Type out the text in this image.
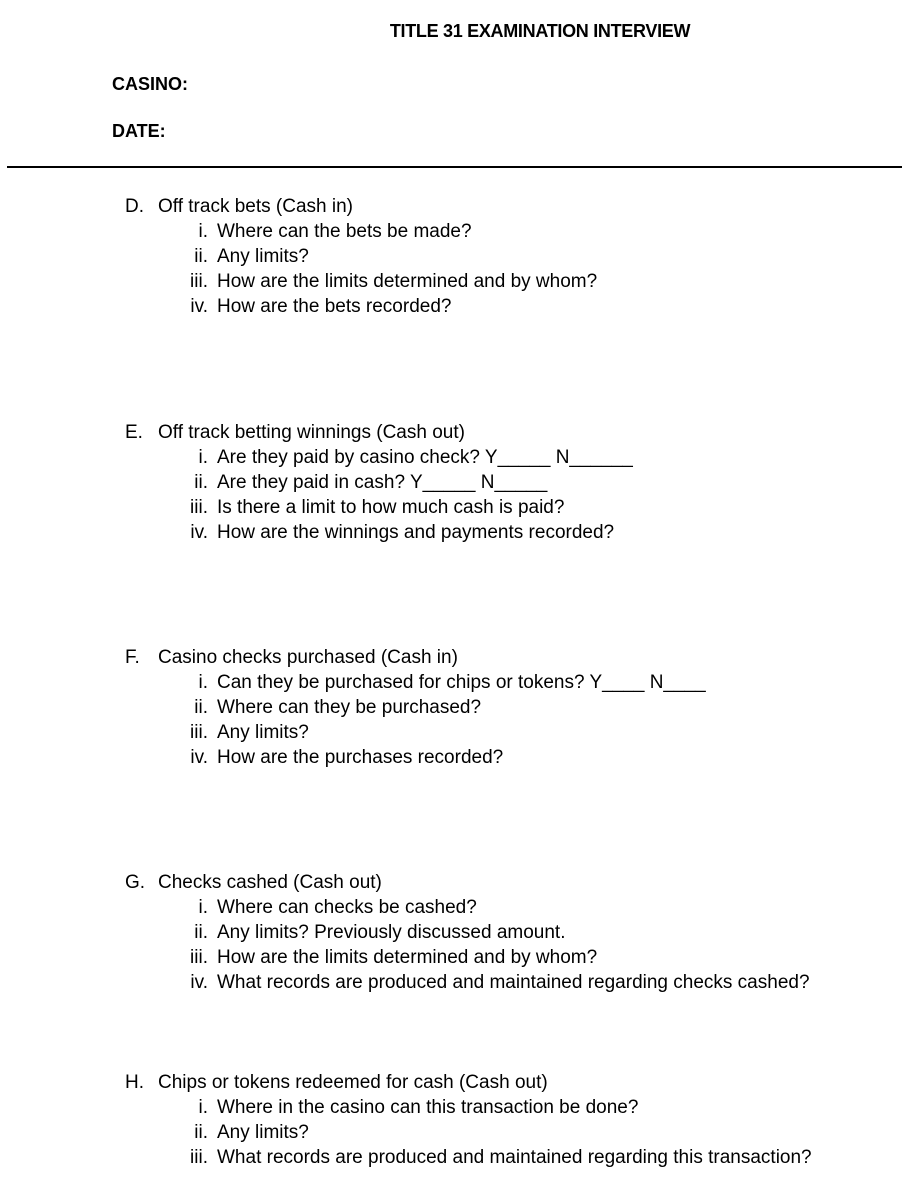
TITLE 31 EXAMINATION INTERVIEW
CASINO:
DATE:
D. Off track bets (Cash in)
i. Where can the bets be made?
ii. Any limits?
iii. How are the limits determined and by whom?
iv. How are the bets recorded?
E. Off track betting winnings (Cash out)
i. Are they paid by casino check? Y_____ N______
ii. Are they paid in cash? Y_____ N_____
iii. Is there a limit to how much cash is paid?
iv. How are the winnings and payments recorded?
F. Casino checks purchased (Cash in)
i. Can they be purchased for chips or tokens? Y____ N____
ii. Where can they be purchased?
iii. Any limits?
iv. How are the purchases recorded?
G. Checks cashed (Cash out)
i. Where can checks be cashed?
ii. Any limits? Previously discussed amount.
iii. How are the limits determined and by whom?
iv. What records are produced and maintained regarding checks cashed?
H. Chips or tokens redeemed for cash (Cash out)
i. Where in the casino can this transaction be done?
ii. Any limits?
iii. What records are produced and maintained regarding this transaction?
